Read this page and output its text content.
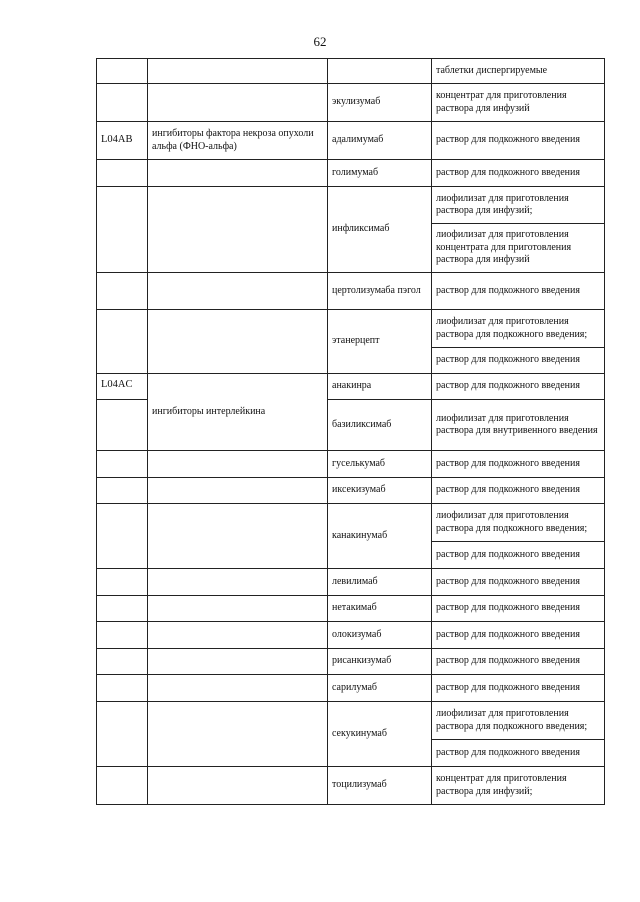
62
			таблетки диспергируемые
		экулизумаб	концентрат для приготовления раствора для инфузий
L04AB	ингибиторы фактора некроза опухоли альфа (ФНО-альфа)	адалимумаб	раствор для подкожного введения
		голимумаб	раствор для подкожного введения
		инфликсимаб	лиофилизат для приготовления раствора для инфузий;
			лиофилизат для приготовления концентрата для приготовления раствора для инфузий
		цертолизумаба пэгол	раствор для подкожного введения
		этанерцепт	лиофилизат для приготовления раствора для подкожного введения;
			раствор для подкожного введения
L04AC	ингибиторы интерлейкина	анакинра	раствор для подкожного введения
		базиликсимаб	лиофилизат для приготовления раствора для внутривенного введения
		гуселькумаб	раствор для подкожного введения
		иксекизумаб	раствор для подкожного введения
		канакинумаб	лиофилизат для приготовления раствора для подкожного введения;
			раствор для подкожного введения
		левилимаб	раствор для подкожного введения
		нетакимаб	раствор для подкожного введения
		олокизумаб	раствор для подкожного введения
		рисанкизумаб	раствор для подкожного введения
		сарилумаб	раствор для подкожного введения
		секукинумаб	лиофилизат для приготовления раствора для подкожного введения;
			раствор для подкожного введения
		тоцилизумаб	концентрат для приготовления раствора для инфузий;
